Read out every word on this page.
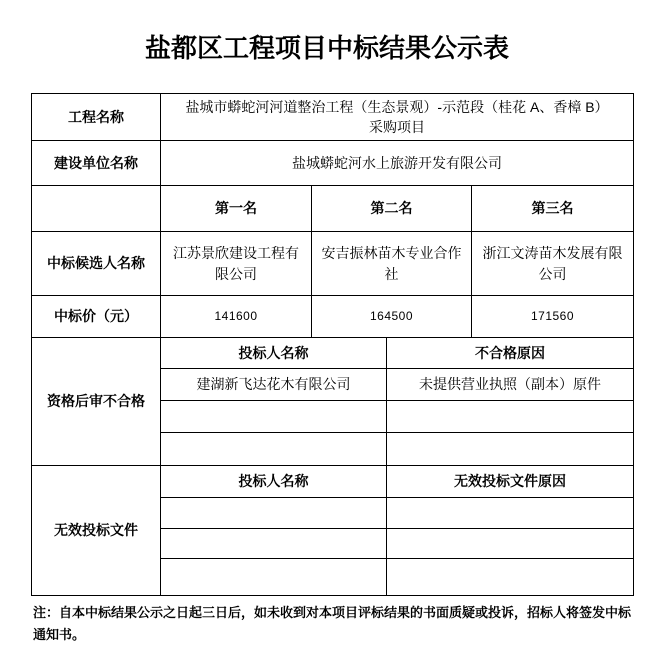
盐都区工程项目中标结果公示表
工程名称	盐城市蟒蛇河河道整治工程（生态景观）-示范段（桂花 A、香樟 B）采购项目			
建设单位名称	盐城蟒蛇河水上旅游开发有限公司			
	第一名	第二名		第三名
中标候选人名称	江苏景欣建设工程有限公司	安吉振林苗木专业合作社		浙江文涛苗木发展有限公司
中标价（元）	141600	164500		171560
资格后审不合格	投标人名称		不合格原因	
	建湖新飞达花木有限公司		未提供营业执照（副本）原件	

无效投标文件	投标人名称		无效投标文件原因	

注：自本中标结果公示之日起三日后，如未收到对本项目评标结果的书面质疑或投诉，招标人将签发中标通知书。
